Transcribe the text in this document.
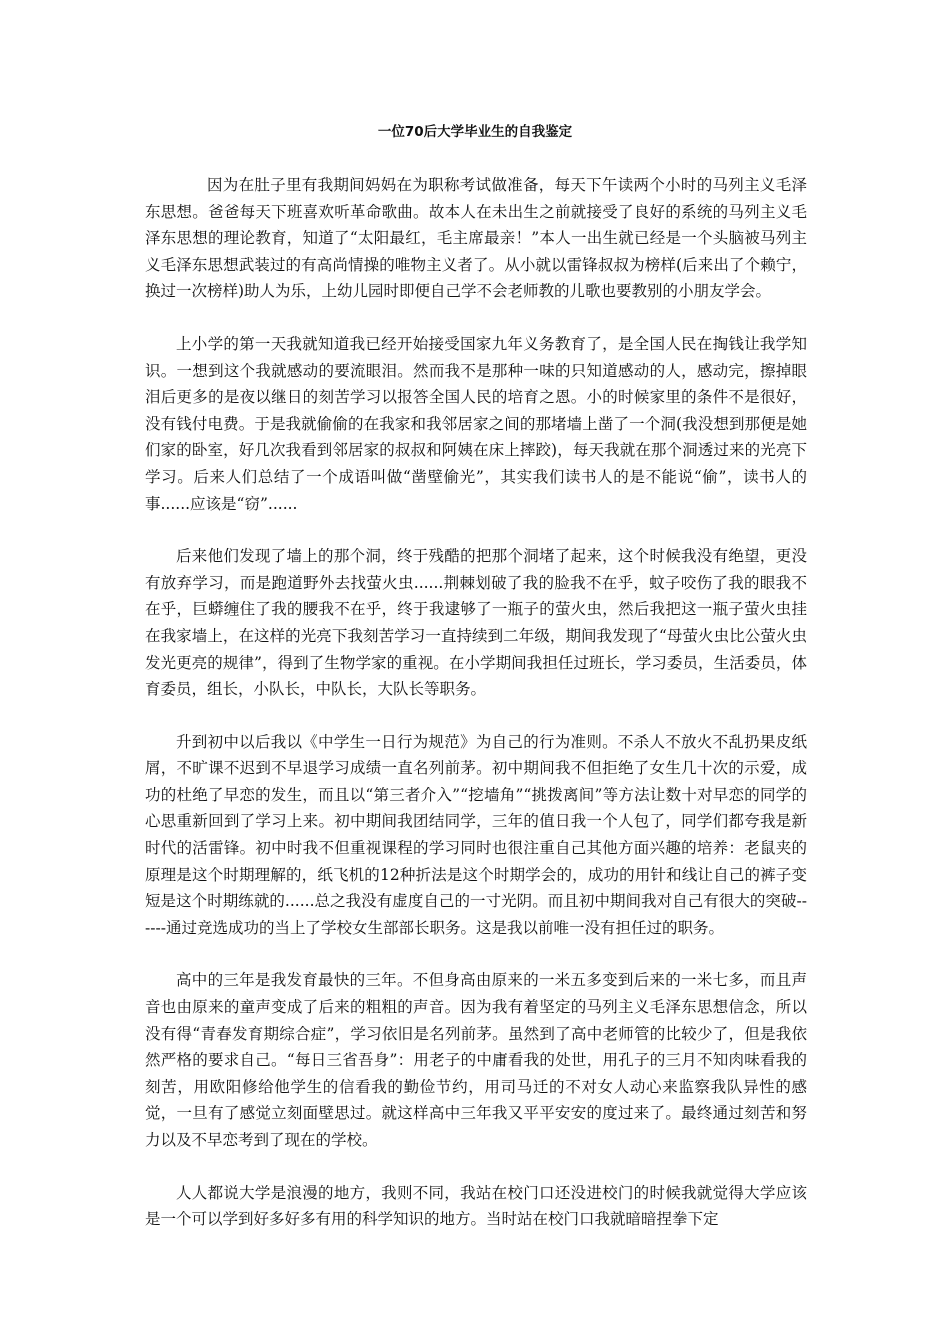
一位70后大学毕业生的自我鉴定

因为在肚子里有我期间妈妈在为职称考试做准备，每天下午读两个小时的马列主义毛泽东思想。爸爸每天下班喜欢听革命歌曲。故本人在未出生之前就接受了良好的系统的马列主义毛泽东思想的理论教育，知道了“太阳最红，毛主席最亲！”本人一出生就已经是一个头脑被马列主义毛泽东思想武装过的有高尚情操的唯物主义者了。从小就以雷锋叔叔为榜样(后来出了个赖宁，换过一次榜样)助人为乐，上幼儿园时即便自己学不会老师教的儿歌也要教别的小朋友学会。

上小学的第一天我就知道我已经开始接受国家九年义务教育了，是全国人民在掏钱让我学知识。一想到这个我就感动的要流眼泪。然而我不是那种一味的只知道感动的人，感动完，擦掉眼泪后更多的是夜以继日的刻苦学习以报答全国人民的培育之恩。小的时候家里的条件不是很好，没有钱付电费。于是我就偷偷的在我家和我邻居家之间的那堵墙上凿了一个洞(我没想到那便是她们家的卧室，好几次我看到邻居家的叔叔和阿姨在床上摔跤)，每天我就在那个洞透过来的光亮下学习。后来人们总结了一个成语叫做“凿壁偷光”，其实我们读书人的是不能说“偷”，读书人的事......应该是“窃”......

后来他们发现了墙上的那个洞，终于残酷的把那个洞堵了起来，这个时候我没有绝望，更没有放弃学习，而是跑道野外去找萤火虫......荆棘划破了我的脸我不在乎，蚊子咬伤了我的眼我不在乎，巨蟒缠住了我的腰我不在乎，终于我逮够了一瓶子的萤火虫，然后我把这一瓶子萤火虫挂在我家墙上，在这样的光亮下我刻苦学习一直持续到二年级，期间我发现了“母萤火虫比公萤火虫发光更亮的规律”，得到了生物学家的重视。在小学期间我担任过班长，学习委员，生活委员，体育委员，组长，小队长，中队长，大队长等职务。

升到初中以后我以《中学生一日行为规范》为自己的行为准则。不杀人不放火不乱扔果皮纸屑，不旷课不迟到不早退学习成绩一直名列前茅。初中期间我不但拒绝了女生几十次的示爱，成功的杜绝了早恋的发生，而且以“第三者介入”“挖墙角”“挑拨离间”等方法让数十对早恋的同学的心思重新回到了学习上来。初中期间我团结同学，三年的值日我一个人包了，同学们都夸我是新时代的活雷锋。初中时我不但重视课程的学习同时也很注重自己其他方面兴趣的培养：老鼠夹的原理是这个时期理解的，纸飞机的12种折法是这个时期学会的，成功的用针和线让自己的裤子变短是这个时期练就的......总之我没有虚度自己的一寸光阴。而且初中期间我对自己有很大的突破------通过竞选成功的当上了学校女生部部长职务。这是我以前唯一没有担任过的职务。

高中的三年是我发育最快的三年。不但身高由原来的一米五多变到后来的一米七多，而且声音也由原来的童声变成了后来的粗粗的声音。因为我有着坚定的马列主义毛泽东思想信念，所以没有得“青春发育期综合症”，学习依旧是名列前茅。虽然到了高中老师管的比较少了，但是我依然严格的要求自己。“每日三省吾身”：用老子的中庸看我的处世，用孔子的三月不知肉味看我的刻苦，用欧阳修给他学生的信看我的勤俭节约，用司马迁的不对女人动心来监察我队异性的感觉，一旦有了感觉立刻面壁思过。就这样高中三年我又平平安安的度过来了。最终通过刻苦和努力以及不早恋考到了现在的学校。

人人都说大学是浪漫的地方，我则不同，我站在校门口还没进校门的时候我就觉得大学应该是一个可以学到好多好多有用的科学知识的地方。当时站在校门口我就暗暗捏拳下定
